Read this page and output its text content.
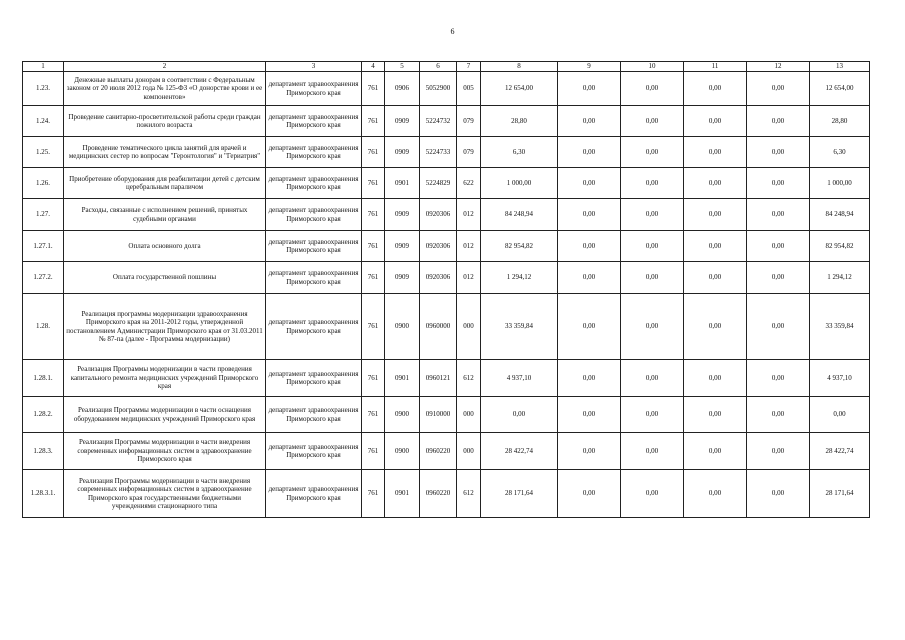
6
1	2	3	4	5	6	7	8	9	10	11	12	13
1.23.	Денежные выплаты донорам в соответствии с Федеральным законом от 20 июля 2012 года № 125-ФЗ «О донорстве крови и ее компонентов»	департамент здравоохранения Приморского края	761	0906	5052900	005	12 654,00	0,00	0,00	0,00	0,00	12 654,00
1.24.	Проведение санитарно-просветительской работы среди граждан пожилого возраста	департамент здравоохранения Приморского края	761	0909	5224732	079	28,80	0,00	0,00	0,00	0,00	28,80
1.25.	Проведение тематического цикла занятий для врачей и медицинских сестер по вопросам "Геронтология" и "Гериатрия"	департамент здравоохранения Приморского края	761	0909	5224733	079	6,30	0,00	0,00	0,00	0,00	6,30
1.26.	Приобретение оборудования для реабилитации детей с детским церебральным параличом	департамент здравоохранения Приморского края	761	0901	5224829	622	1 000,00	0,00	0,00	0,00	0,00	1 000,00
1.27.	Расходы, связанные с исполнением решений, принятых судебными органами	департамент здравоохранения Приморского края	761	0909	0920306	012	84 248,94	0,00	0,00	0,00	0,00	84 248,94
1.27.1.	Оплата основного долга	департамент здравоохранения Приморского края	761	0909	0920306	012	82 954,82	0,00	0,00	0,00	0,00	82 954,82
1.27.2.	Оплата государственной пошлины	департамент здравоохранения Приморского края	761	0909	0920306	012	1 294,12	0,00	0,00	0,00	0,00	1 294,12
1.28.	Реализация программы модернизации здравоохранения Приморского края на 2011-2012 годы, утвержденной постановлением Администрации Приморского края от 31.03.2011 № 87-па (далее - Программа модернизации)	департамент здравоохранения Приморского края	761	0900	0960000	000	33 359,84	0,00	0,00	0,00	0,00	33 359,84
1.28.1.	Реализация Программы модернизации в части проведения капитального ремонта медицинских учреждений Приморского края	департамент здравоохранения Приморского края	761	0901	0960121	612	4 937,10	0,00	0,00	0,00	0,00	4 937,10
1.28.2.	Реализация Программы модернизации в части оснащения оборудованием медицинских учреждений Приморского края	департамент здравоохранения Приморского края	761	0900	0910000	000	0,00	0,00	0,00	0,00	0,00	0,00
1.28.3.	Реализация Программы модернизации в части внедрения современных информационных систем в здравоохранение Приморского края	департамент здравоохранения Приморского края	761	0900	0960220	000	28 422,74	0,00	0,00	0,00	0,00	28 422,74
1.28.3.1.	Реализация Программы модернизации в части внедрения современных информационных систем в здравоохранение Приморского края государственными бюджетными учреждениями стационарного типа	департамент здравоохранения Приморского края	761	0901	0960220	612	28 171,64	0,00	0,00	0,00	0,00	28 171,64
